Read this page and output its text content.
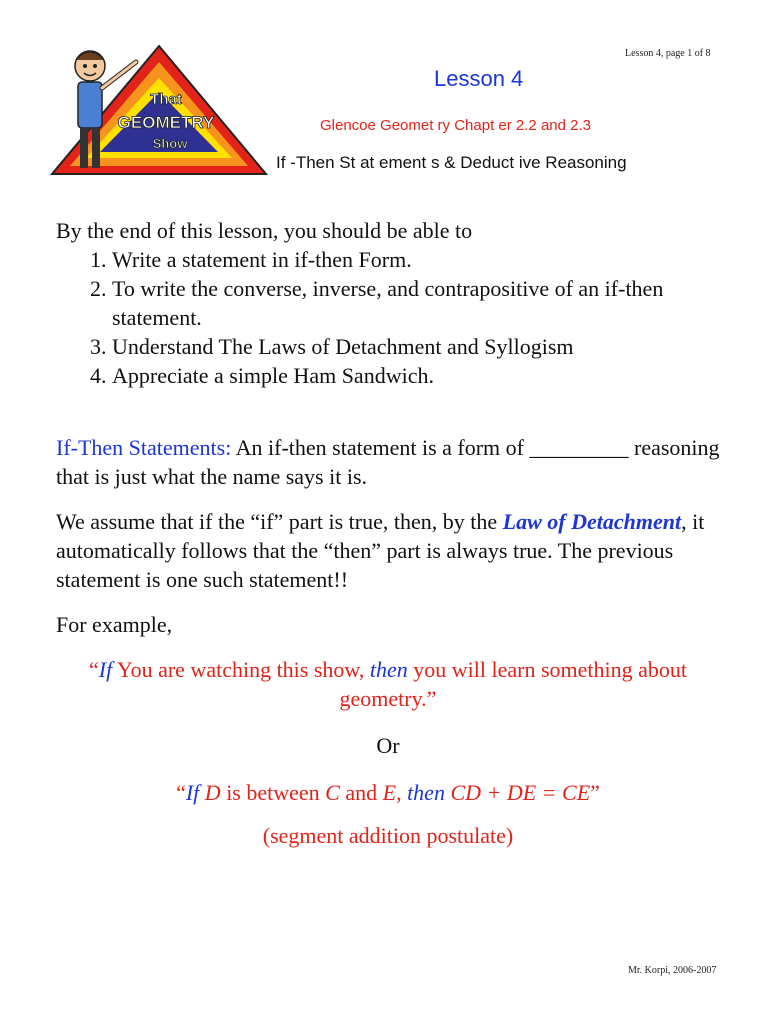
Lesson 4, page 1 of 8
That
GEOMETRY
Show
Lesson 4
Glencoe Geomet ry Chapt er 2.2 and 2.3
If -Then St at ement s & Deduct ive Reasoning

By the end of this lesson, you should be able to

1. Write a statement in if-then Form.
2. To write the converse, inverse, and contrapositive of an if-then statement.
3. Understand The Laws of Detachment and Syllogism
4. Appreciate a simple Ham Sandwich.

If-Then Statements: An if-then statement is a form of _________ reasoning that is just what the name says it is.

We assume that if the “if” part is true, then, by the Law of Detachment, it automatically follows that the “then” part is always true. The previous statement is one such statement!!

For example,

“If You are watching this show, then you will learn something about geometry.”

Or

“If D is between C and E, then CD + DE = CE”

(segment addition postulate)

Mr. Korpi, 2006-2007
